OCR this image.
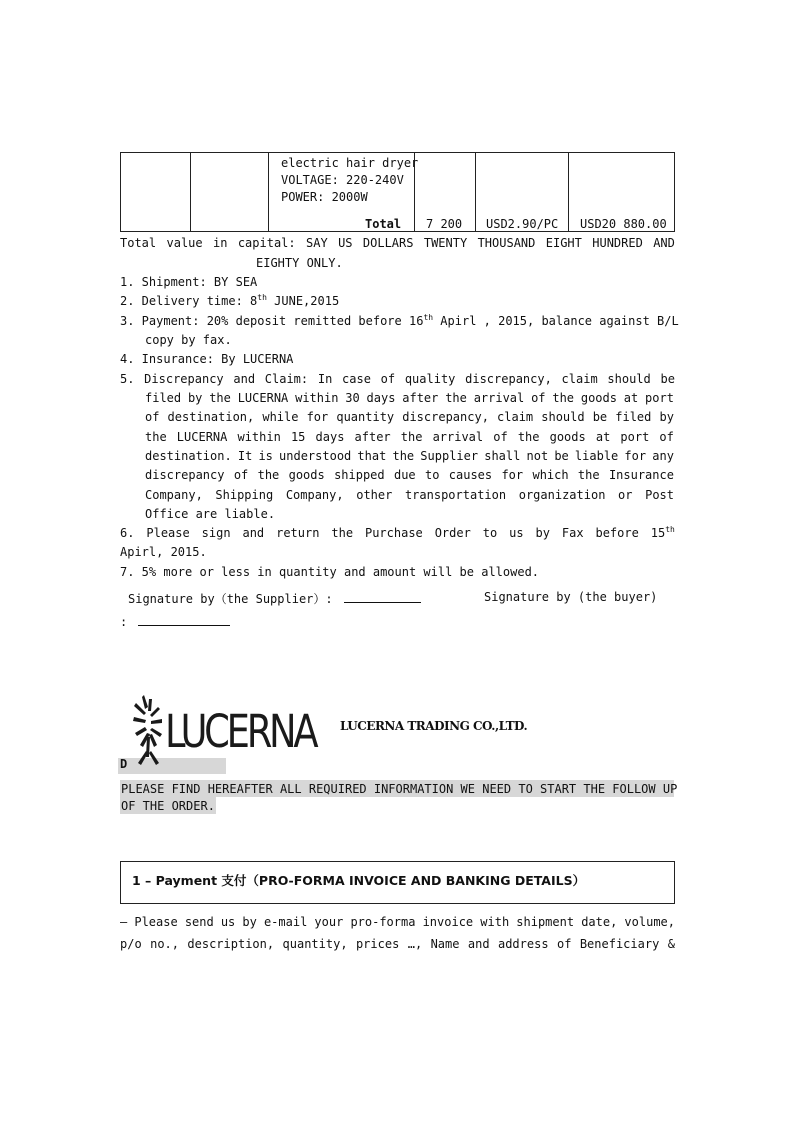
electric hair dryer
VOLTAGE: 220-240V
POWER: 2000W
Total 7 200 USD2.90/PC USD20 880.00
Total value in capital: SAY US DOLLARS TWENTY THOUSAND EIGHT HUNDRED AND
EIGHTY ONLY.
1. Shipment: BY SEA
2. Delivery time: 8th JUNE,2015
3. Payment: 20% deposit remitted before 16th Apirl , 2015, balance against B/L
copy by fax.
4. Insurance: By LUCERNA
5. Discrepancy and Claim: In case of quality discrepancy, claim should be
filed by the LUCERNA within 30 days after the arrival of the goods at port
of destination, while for quantity discrepancy, claim should be filed by
the LUCERNA within 15 days after the arrival of the goods at port of
destination. It is understood that the Supplier shall not be liable for any
discrepancy of the goods shipped due to causes for which the Insurance
Company, Shipping Company, other transportation organization or Post
Office are liable.
6. Please sign and return the Purchase Order to us by Fax before 15th
Apirl, 2015.
7. 5% more or less in quantity and amount will be allowed.
Signature by（the Supplier）:	Signature by (the buyer)
:
D
LUCERNA LUCERNA TRADING CO.,LTD.
PLEASE FIND HEREAFTER ALL REQUIRED INFORMATION WE NEED TO START THE FOLLOW UP
OF THE ORDER.
1 – Payment 支付（PRO-FORMA INVOICE AND BANKING DETAILS）
– Please send us by e-mail your pro-forma invoice with shipment date, volume,
p/o no., description, quantity, prices …, Name and address of Beneficiary &
